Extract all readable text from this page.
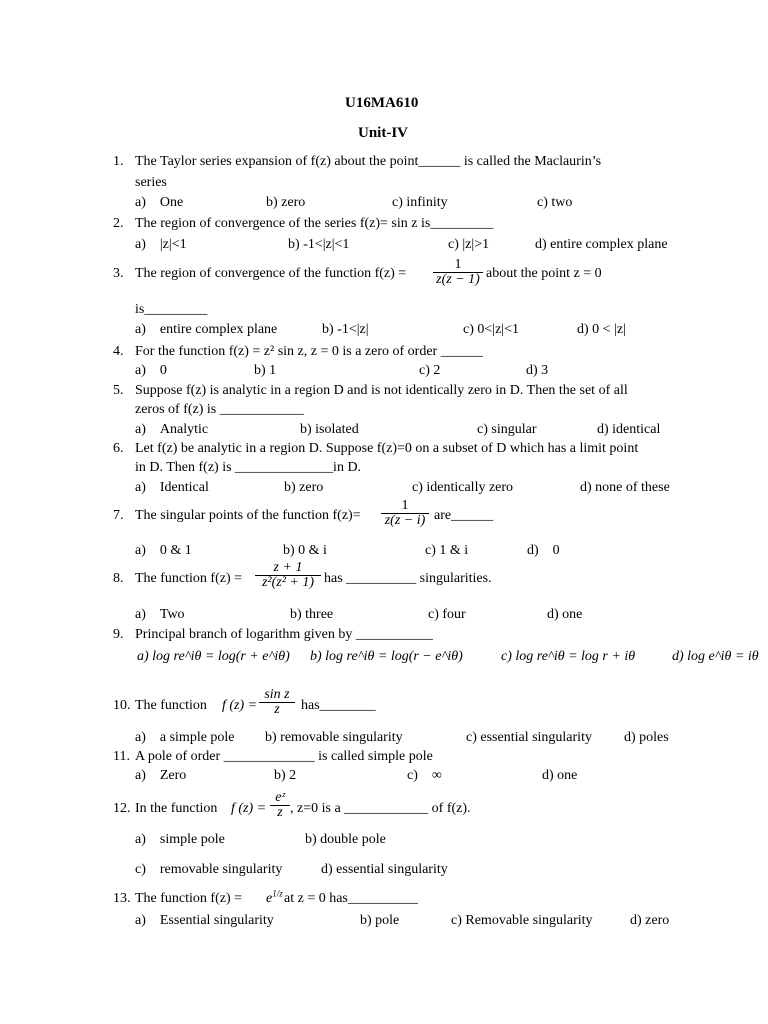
U16MA610
Unit-IV
1. The Taylor series expansion of f(z) about the point______ is called the Maclaurin’s
series
a) One	b) zero	c) infinity	c) two
2. The region of convergence of the series f(z)= sin z is_________
a) |z|<1	b) -1<|z|<1	c) |z|>1	d) entire complex plane
3. The region of convergence of the function $f(z) = \frac{1}{z(z - 1)}$ about the point z = 0
is_________
a) entire complex plane	b) -1<|z|	c) 0<|z|<1	d) 0 < |z|
4. For the function f(z) = z² sin z, z = 0 is a zero of order ______
a) 0	b) 1	c) 2	d) 3
5. Suppose f(z) is analytic in a region D and is not identically zero in D. Then the set of all
zeros of f(z) is ____________
a) Analytic	b) isolated	c) singular	d) identical
6. Let f(z) be analytic in a region D. Suppose f(z)=0 on a subset of D which has a limit point
in D. Then f(z) is ______________in D.
a) Identical	b) zero	c) identically zero	d) none of these
7. The singular points of the function $f(z)= \frac{1}{z(z - i)}$ are______
a) 0 & 1	b) 0 & i	c) 1 & i	d) 0
8. The function $f(z) = \frac{z + 1}{\text{z²(z² + 1)}}$ has __________ singularities.
a) Two	b) three	c) four	d) one
9. Principal branch of logarithm given by ___________
a) log re^iθ = log(r + e^iθ) b) log re^iθ = log(r − e^iθ)	c) log re^iθ = log r + iθ	d) log e^iθ = iθ
10. The function f $(z) = \frac{\text{sin z}}{z}$ has________
a) a simple pole b) removable singularity	c) essential singularity d) poles
11. A pole of order _____________ is called simple pole
a) Zero	b) 2	c) ∞	d) one
12. In the function f $(z) = \frac{\text{eᶻ}}{z}$ , z=0 is a ____________ of f(z).
a) simple pole	b) double pole
c) removable singularity	d) essential singularity
13. The function $f(z) = e^{1/z}$ at z = 0 has__________
a) Essential singularity	b) pole	c) Removable singularity	d) zero
